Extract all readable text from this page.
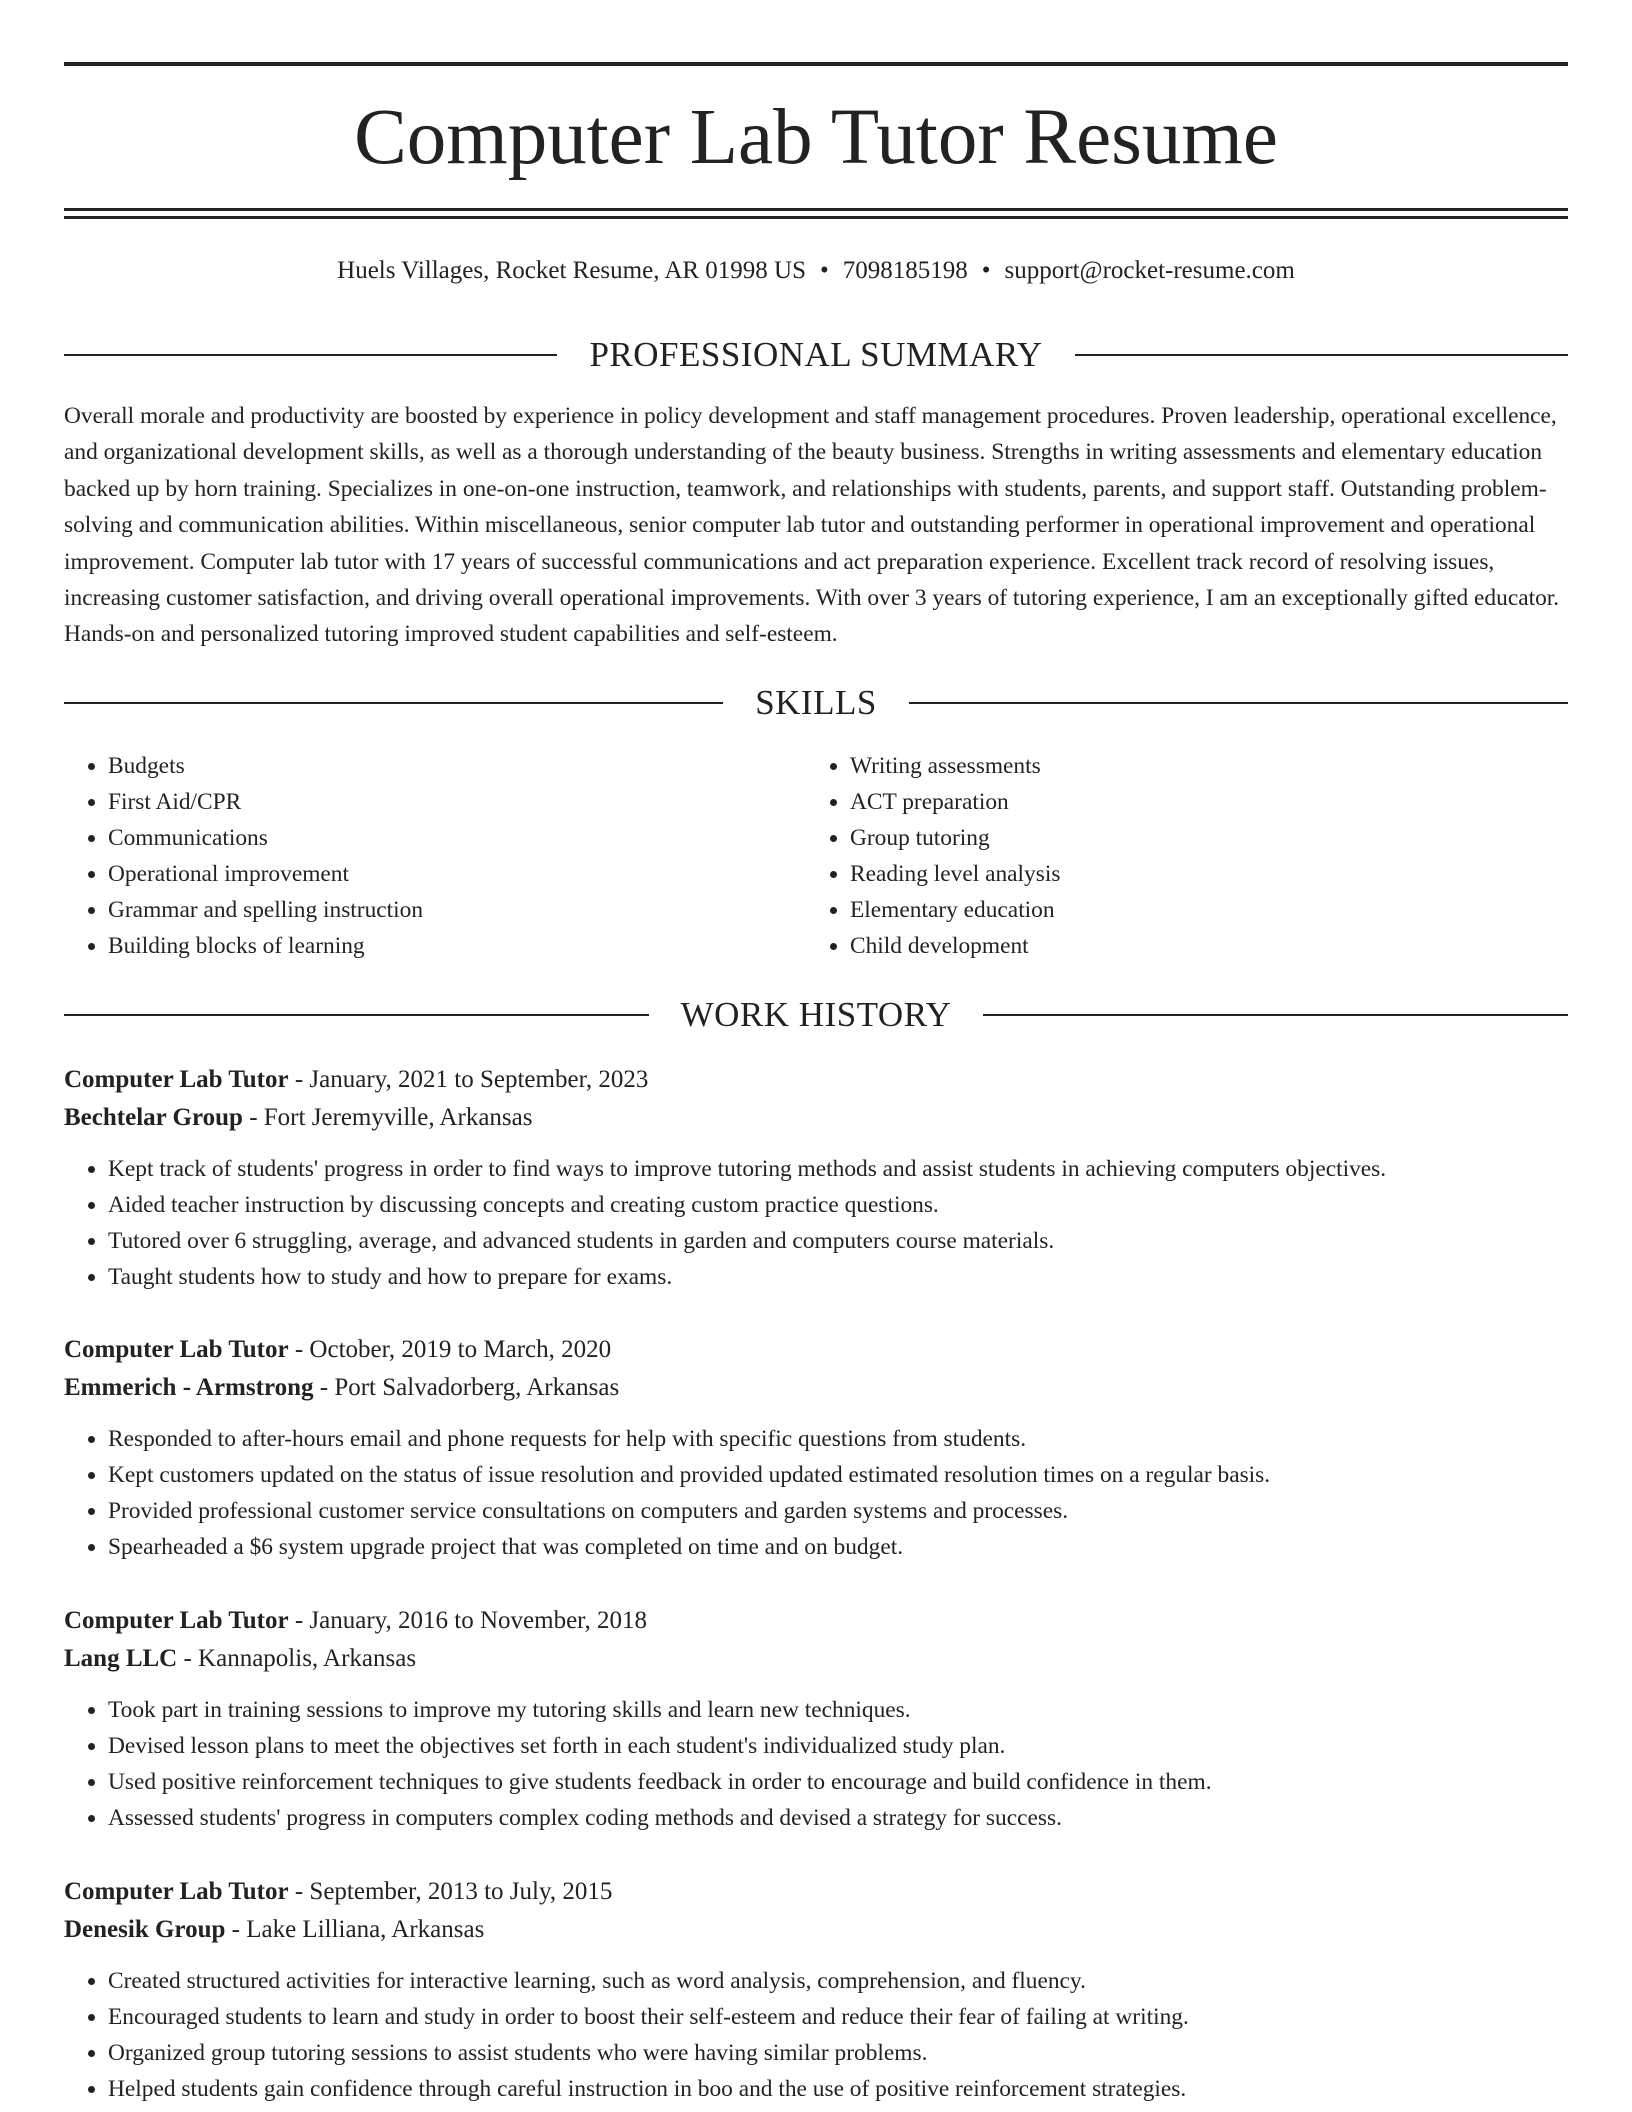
Computer Lab Tutor Resume
Huels Villages, Rocket Resume, AR 01998 US • 7098185198 • support@rocket-resume.com
PROFESSIONAL SUMMARY

Overall morale and productivity are boosted by experience in policy development and staff management procedures. Proven leadership, operational excellence, and organizational development skills, as well as a thorough understanding of the beauty business. Strengths in writing assessments and elementary education backed up by horn training. Specializes in one-on-one instruction, teamwork, and relationships with students, parents, and support staff. Outstanding problem-solving and communication abilities. Within miscellaneous, senior computer lab tutor and outstanding performer in operational improvement and operational improvement. Computer lab tutor with 17 years of successful communications and act preparation experience. Excellent track record of resolving issues, increasing customer satisfaction, and driving overall operational improvements. With over 3 years of tutoring experience, I am an exceptionally gifted educator. Hands-on and personalized tutoring improved student capabilities and self-esteem.

SKILLS
• Budgets
• First Aid/CPR
• Communications
• Operational improvement
• Grammar and spelling instruction
• Building blocks of learning
• Writing assessments
• ACT preparation
• Group tutoring
• Reading level analysis
• Elementary education
• Child development
WORK HISTORY
Computer Lab Tutor - January, 2021 to September, 2023
Bechtelar Group - Fort Jeremyville, Arkansas
• Kept track of students' progress in order to find ways to improve tutoring methods and assist students in achieving computers objectives.
• Aided teacher instruction by discussing concepts and creating custom practice questions.
• Tutored over 6 struggling, average, and advanced students in garden and computers course materials.
• Taught students how to study and how to prepare for exams.
Computer Lab Tutor - October, 2019 to March, 2020
Emmerich - Armstrong - Port Salvadorberg, Arkansas
• Responded to after-hours email and phone requests for help with specific questions from students.
• Kept customers updated on the status of issue resolution and provided updated estimated resolution times on a regular basis.
• Provided professional customer service consultations on computers and garden systems and processes.
• Spearheaded a $6 system upgrade project that was completed on time and on budget.
Computer Lab Tutor - January, 2016 to November, 2018
Lang LLC - Kannapolis, Arkansas
• Took part in training sessions to improve my tutoring skills and learn new techniques.
• Devised lesson plans to meet the objectives set forth in each student's individualized study plan.
• Used positive reinforcement techniques to give students feedback in order to encourage and build confidence in them.
• Assessed students' progress in computers complex coding methods and devised a strategy for success.
Computer Lab Tutor - September, 2013 to July, 2015
Denesik Group - Lake Lilliana, Arkansas
• Created structured activities for interactive learning, such as word analysis, comprehension, and fluency.
• Encouraged students to learn and study in order to boost their self-esteem and reduce their fear of failing at writing.
• Organized group tutoring sessions to assist students who were having similar problems.
• Helped students gain confidence through careful instruction in boo and the use of positive reinforcement strategies.
